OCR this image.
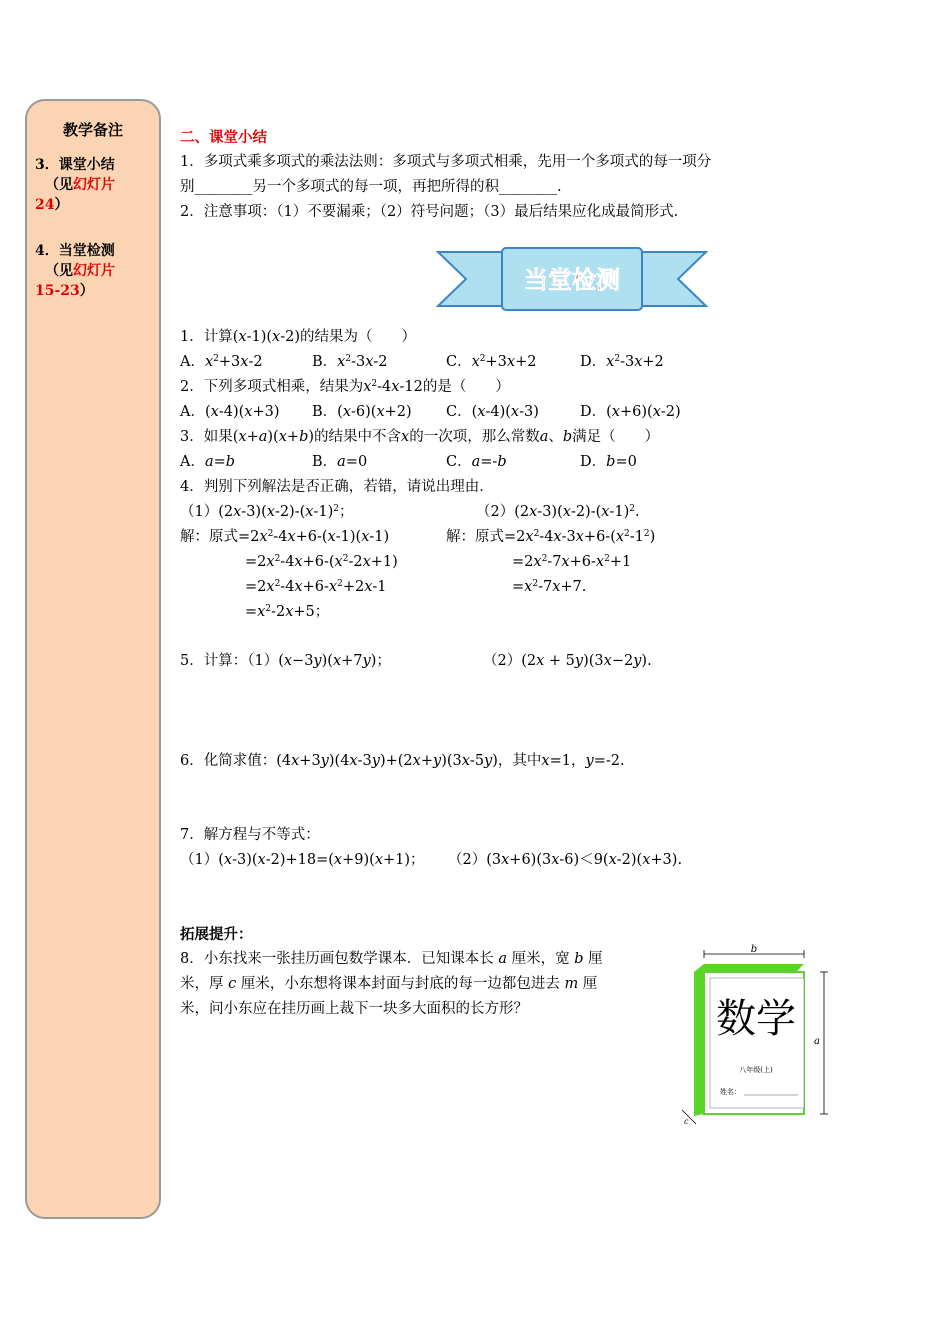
教学备注
3．课堂小结
（见幻灯片
24）
4．当堂检测
（见幻灯片
15-23）
二、课堂小结
1．多项式乘多项式的乘法法则：多项式与多项式相乘，先用一个多项式的每一项分
别________另一个多项式的每一项，再把所得的积________.
2．注意事项：（1）不要漏乘；（2）符号问题；（3）最后结果应化成最简形式.
当堂检测
1．计算(x-1)(x-2)的结果为（　　）
A．$x^2+3x-2$	B．$x^2-3x-2$	C．$x^2+3x+2$	D．$x^2-3x+2$
2．下列多项式相乘，结果为$x^2-4x-12$的是（　　）
A．(x-4)(x+3) B．(x-6)(x+2) C．(x-4)(x-3)	D．(x+6)(x-2)
3．如果(x+a)(x+b)的结果中不含x的一次项，那么常数a、b满足（　　）
A．a=b	B．a=0	C．a=-b	D．b=0
4．判别下列解法是否正确，若错，请说出理由．
$(1)(2x-3)(x-2)-(x-1)^2$；	$(2)(2x-3)(x-2)-(x-1)^2$.
解：原式$=2x^2-4x+6-(x-1)(x-1)$	解：原式$=2x^2-4x-3x+6-(x^2-1^2)$
$=2x^2-4x+6-(x^2-2x+1)$	$=2x^2-7x+6-x^2+1$
$=2x^2-4x+6-x^2+2x-1$	$=x^2-7x+7$.
$=x^2-2x+5$；
5．计算：（1）(x−3y)(x+7y)；	（2）(2x + 5y)(3x−2y).
6．化简求值：(4x+3y)(4x-3y)+(2x+y)(3x-5y)，其中x=1，y=-2.
7．解方程与不等式：
（1）(x-3)(x-2)+18=(x+9)(x+1)； （2）(3x+6)(3x-6)＜9(x-2)(x+3).
拓展提升：
8．小东找来一张挂历画包数学课本．已知课本长 a 厘米，宽 b 厘
米，厚 c 厘米，小东想将课本封面与封底的每一边都包进去 m 厘
米，问小东应在挂历画上裁下一块多大面积的长方形？
b
数学
八年级(上)
姓名：
a
c
